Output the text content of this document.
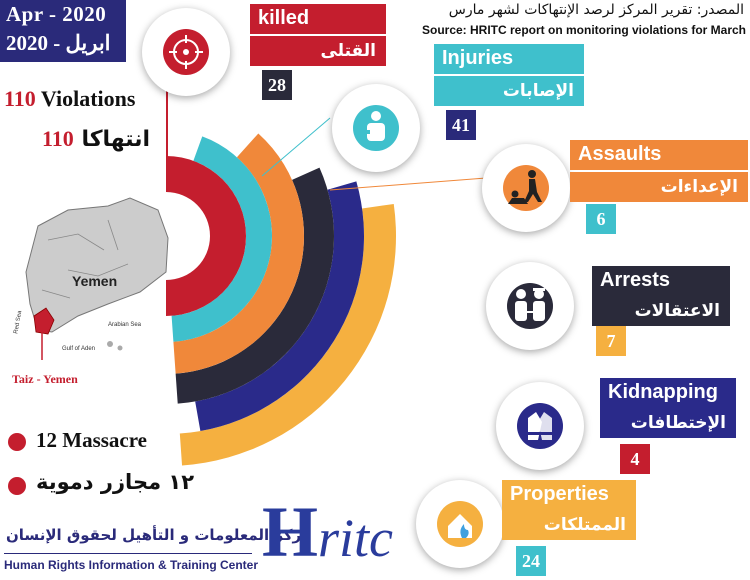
Apr - 2020
ابريل - 2020
المصدر: تقرير المركز لرصد الإنتهاكات لشهر مارس
Source: HRITC report on monitoring violations for March
110 Violations
انتهاكا 110
Yemen
Red Sea	Arabian Sea
Gulf of Aden
Taiz - Yemen
12 Massacre
١٢ مجازر دموية
killed
القتلى
28
Injuries
الإصابات
41
Assaults
الإعداءات
6
Arrests
الاعتقالات
7
Kidnapping
الإختطافات
4
Properties
الممتلكات
24
مركز المعلومات و التأهيل لحقوق الإنسان
Human Rights Information & Training Center Hritc
